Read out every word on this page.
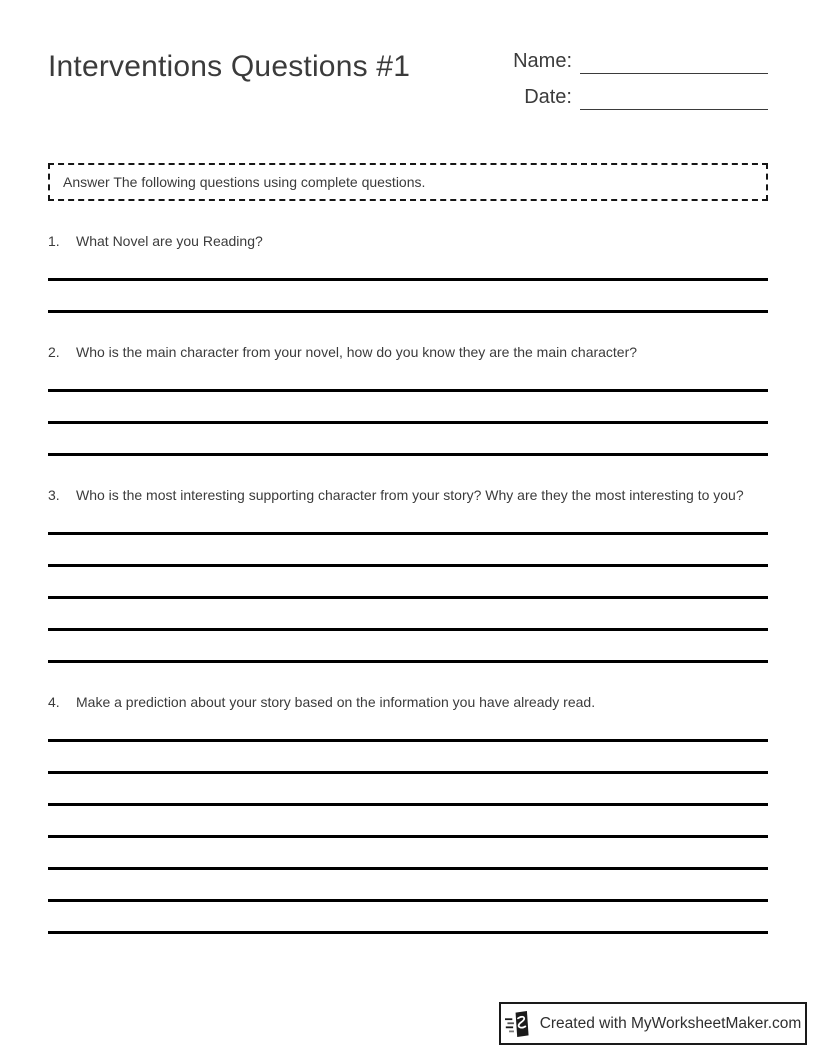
Interventions Questions #1	Name:
Date:
Answer The following questions using complete questions.
1.	What Novel are you Reading?
2.	Who is the main character from your novel, how do you know they are the main character?
3.	Who is the most interesting supporting character from your story? Why are they the most interesting to you?
4.	Make a prediction about your story based on the information you have already read.
Created with MyWorksheetMaker.com
